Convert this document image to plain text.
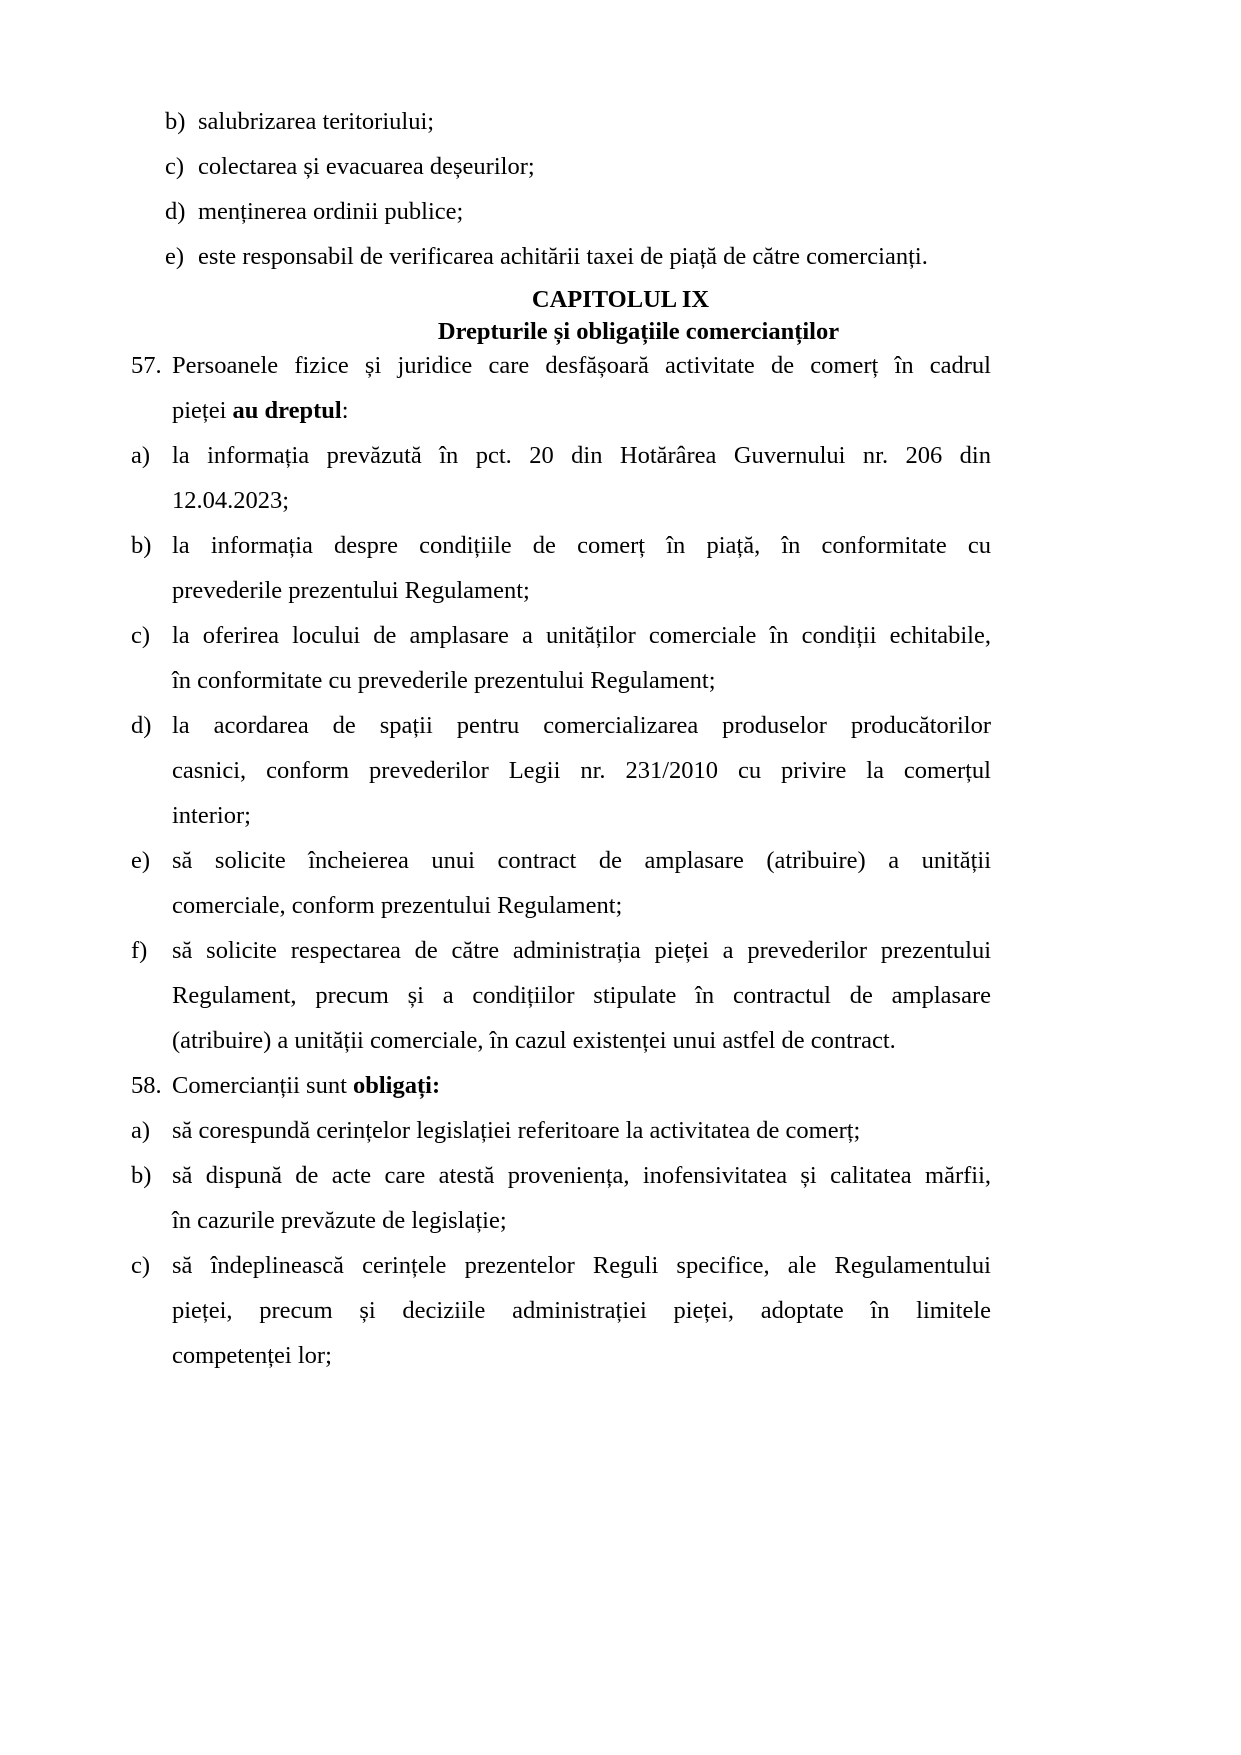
b) salubrizarea teritoriului;
c) colectarea și evacuarea deșeurilor;
d) menținerea ordinii publice;
e) este responsabil de verificarea achitării taxei de piață de către comercianți.
CAPITOLUL IX
Drepturile și obligațiile comercianților
57. Persoanele fizice și juridice care desfășoară activitate de comerț în cadrul
pieței au dreptul:
a) la informația prevăzută în pct. 20 din Hotărârea Guvernului nr. 206 din
12.04.2023;
b) la informația despre condițiile de comerț în piață, în conformitate cu
prevederile prezentului Regulament;
c) la oferirea locului de amplasare a unităților comerciale în condiții echitabile,
în conformitate cu prevederile prezentului Regulament;
d) la acordarea de spații pentru comercializarea produselor producătorilor
casnici, conform prevederilor Legii nr. 231/2010 cu privire la comerțul
interior;
e) să solicite încheierea unui contract de amplasare (atribuire) a unității
comerciale, conform prezentului Regulament;
f)	să solicite respectarea de către administrația pieței a prevederilor prezentului
Regulament, precum și a condițiilor stipulate în contractul de amplasare
(atribuire) a unității comerciale, în cazul existenței unui astfel de contract.
58. Comercianții sunt obligați:
a) să corespundă cerințelor legislației referitoare la activitatea de comerț;
b) să dispună de acte care atestă proveniența, inofensivitatea și calitatea mărfii,
în cazurile prevăzute de legislație;
c) să îndeplinească cerințele prezentelor Reguli specifice, ale Regulamentului
pieței, precum și deciziile administrației pieței, adoptate în limitele
competenței lor;
